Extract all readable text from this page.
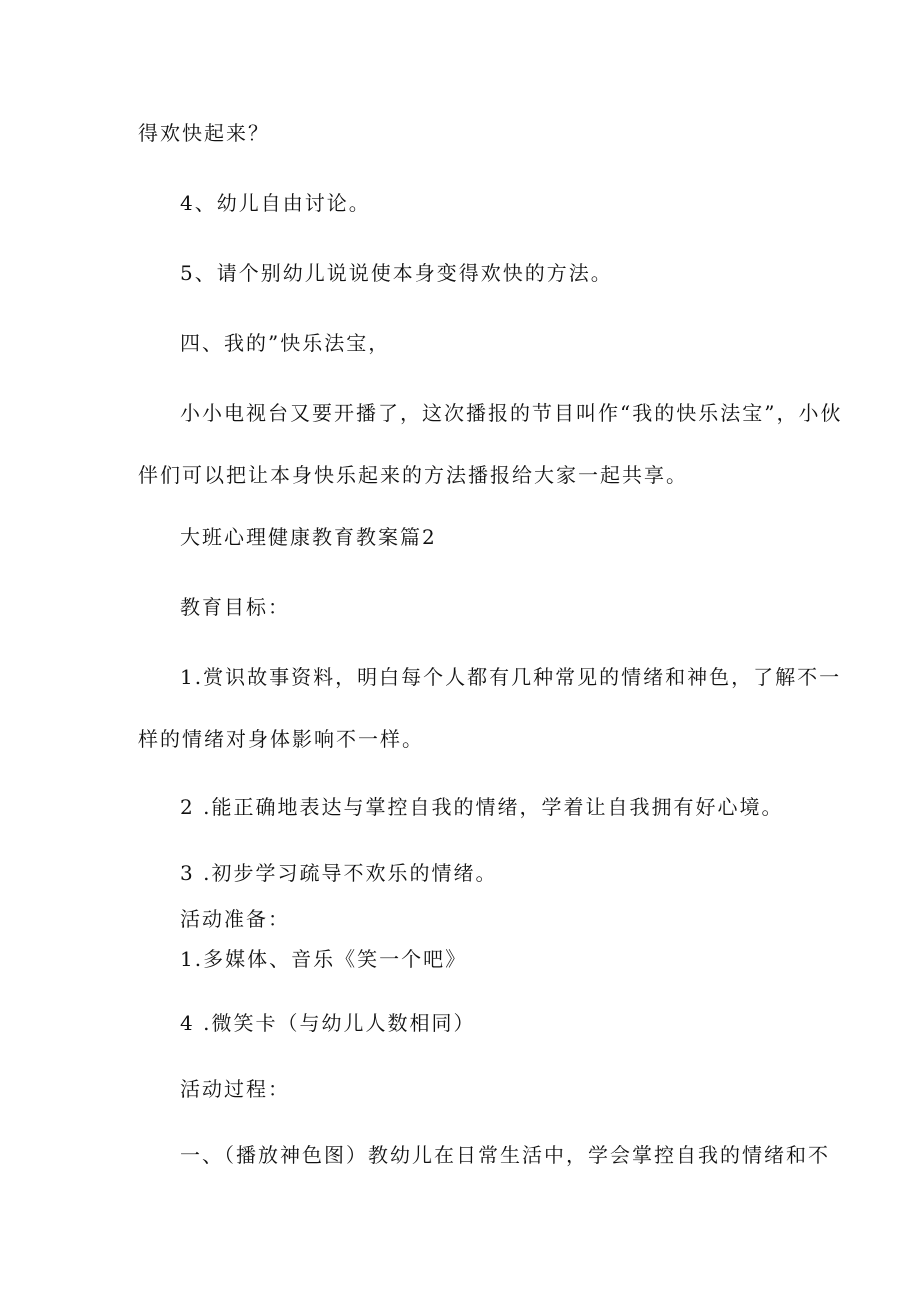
得欢快起来？
4、幼儿自由讨论。
5、请个别幼儿说说使本身变得欢快的方法。
四、我的”快乐法宝，
小小电视台又要开播了，这次播报的节目叫作“我的快乐法宝”，小伙
伴们可以把让本身快乐起来的方法播报给大家一起共享。
大班心理健康教育教案篇2
教育目标：
1.赏识故事资料，明白每个人都有几种常见的情绪和神色，了解不一
样的情绪对身体影响不一样。
2 .能正确地表达与掌控自我的情绪，学着让自我拥有好心境。
3 .初步学习疏导不欢乐的情绪。
活动准备：
1.多媒体、音乐《笑一个吧》
4 .微笑卡（与幼儿人数相同）
活动过程：
一、（播放神色图）教幼儿在日常生活中，学会掌控自我的情绪和不
